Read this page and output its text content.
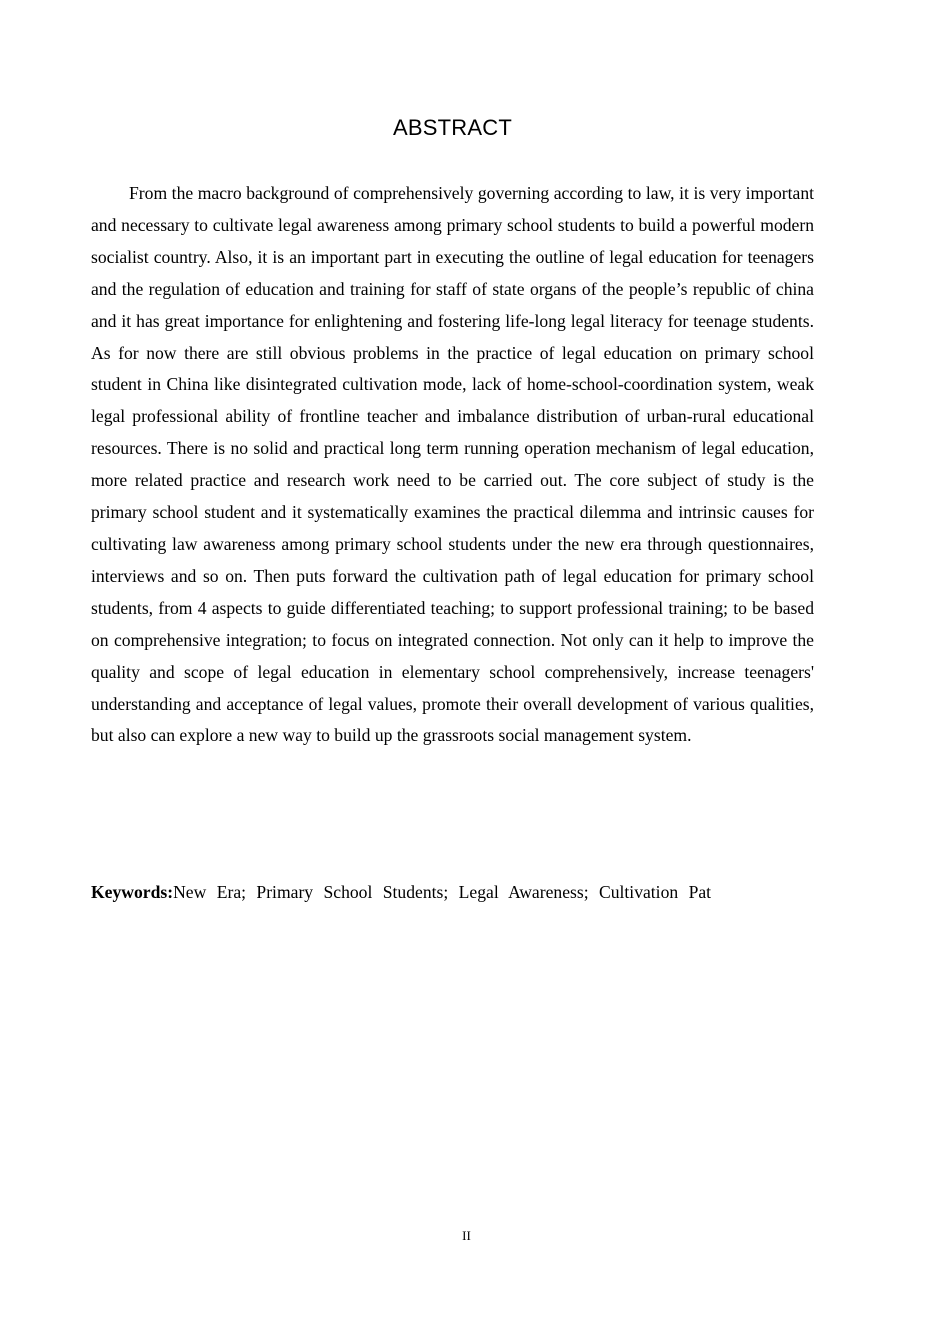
ABSTRACT

From the macro background of comprehensively governing according to law, it is very important and necessary to cultivate legal awareness among primary school students to build a powerful modern socialist country. Also, it is an important part in executing the outline of legal education for teenagers and the regulation of education and training for staff of state organs of the people’s republic of china and it has great importance for enlightening and fostering life-long legal literacy for teenage students. As for now there are still obvious problems in the practice of legal education on primary school student in China like disintegrated cultivation mode, lack of home-school-coordination system, weak legal professional ability of frontline teacher and imbalance distribution of urban-rural educational resources. There is no solid and practical long term running operation mechanism of legal education, more related practice and research work need to be carried out. The core subject of study is the primary school student and it systematically examines the practical dilemma and intrinsic causes for cultivating law awareness among primary school students under the new era through questionnaires, interviews and so on. Then puts forward the cultivation path of legal education for primary school students, from 4 aspects to guide differentiated teaching; to support professional training; to be based on comprehensive integration; to focus on integrated connection. Not only can it help to improve the quality and scope of legal education in elementary school comprehensively, increase teenagers' understanding and acceptance of legal values, promote their overall development of various qualities, but also can explore a new way to build up the grassroots social management system.

Keywords:New Era; Primary School Students; Legal Awareness; Cultivation Pat

II
